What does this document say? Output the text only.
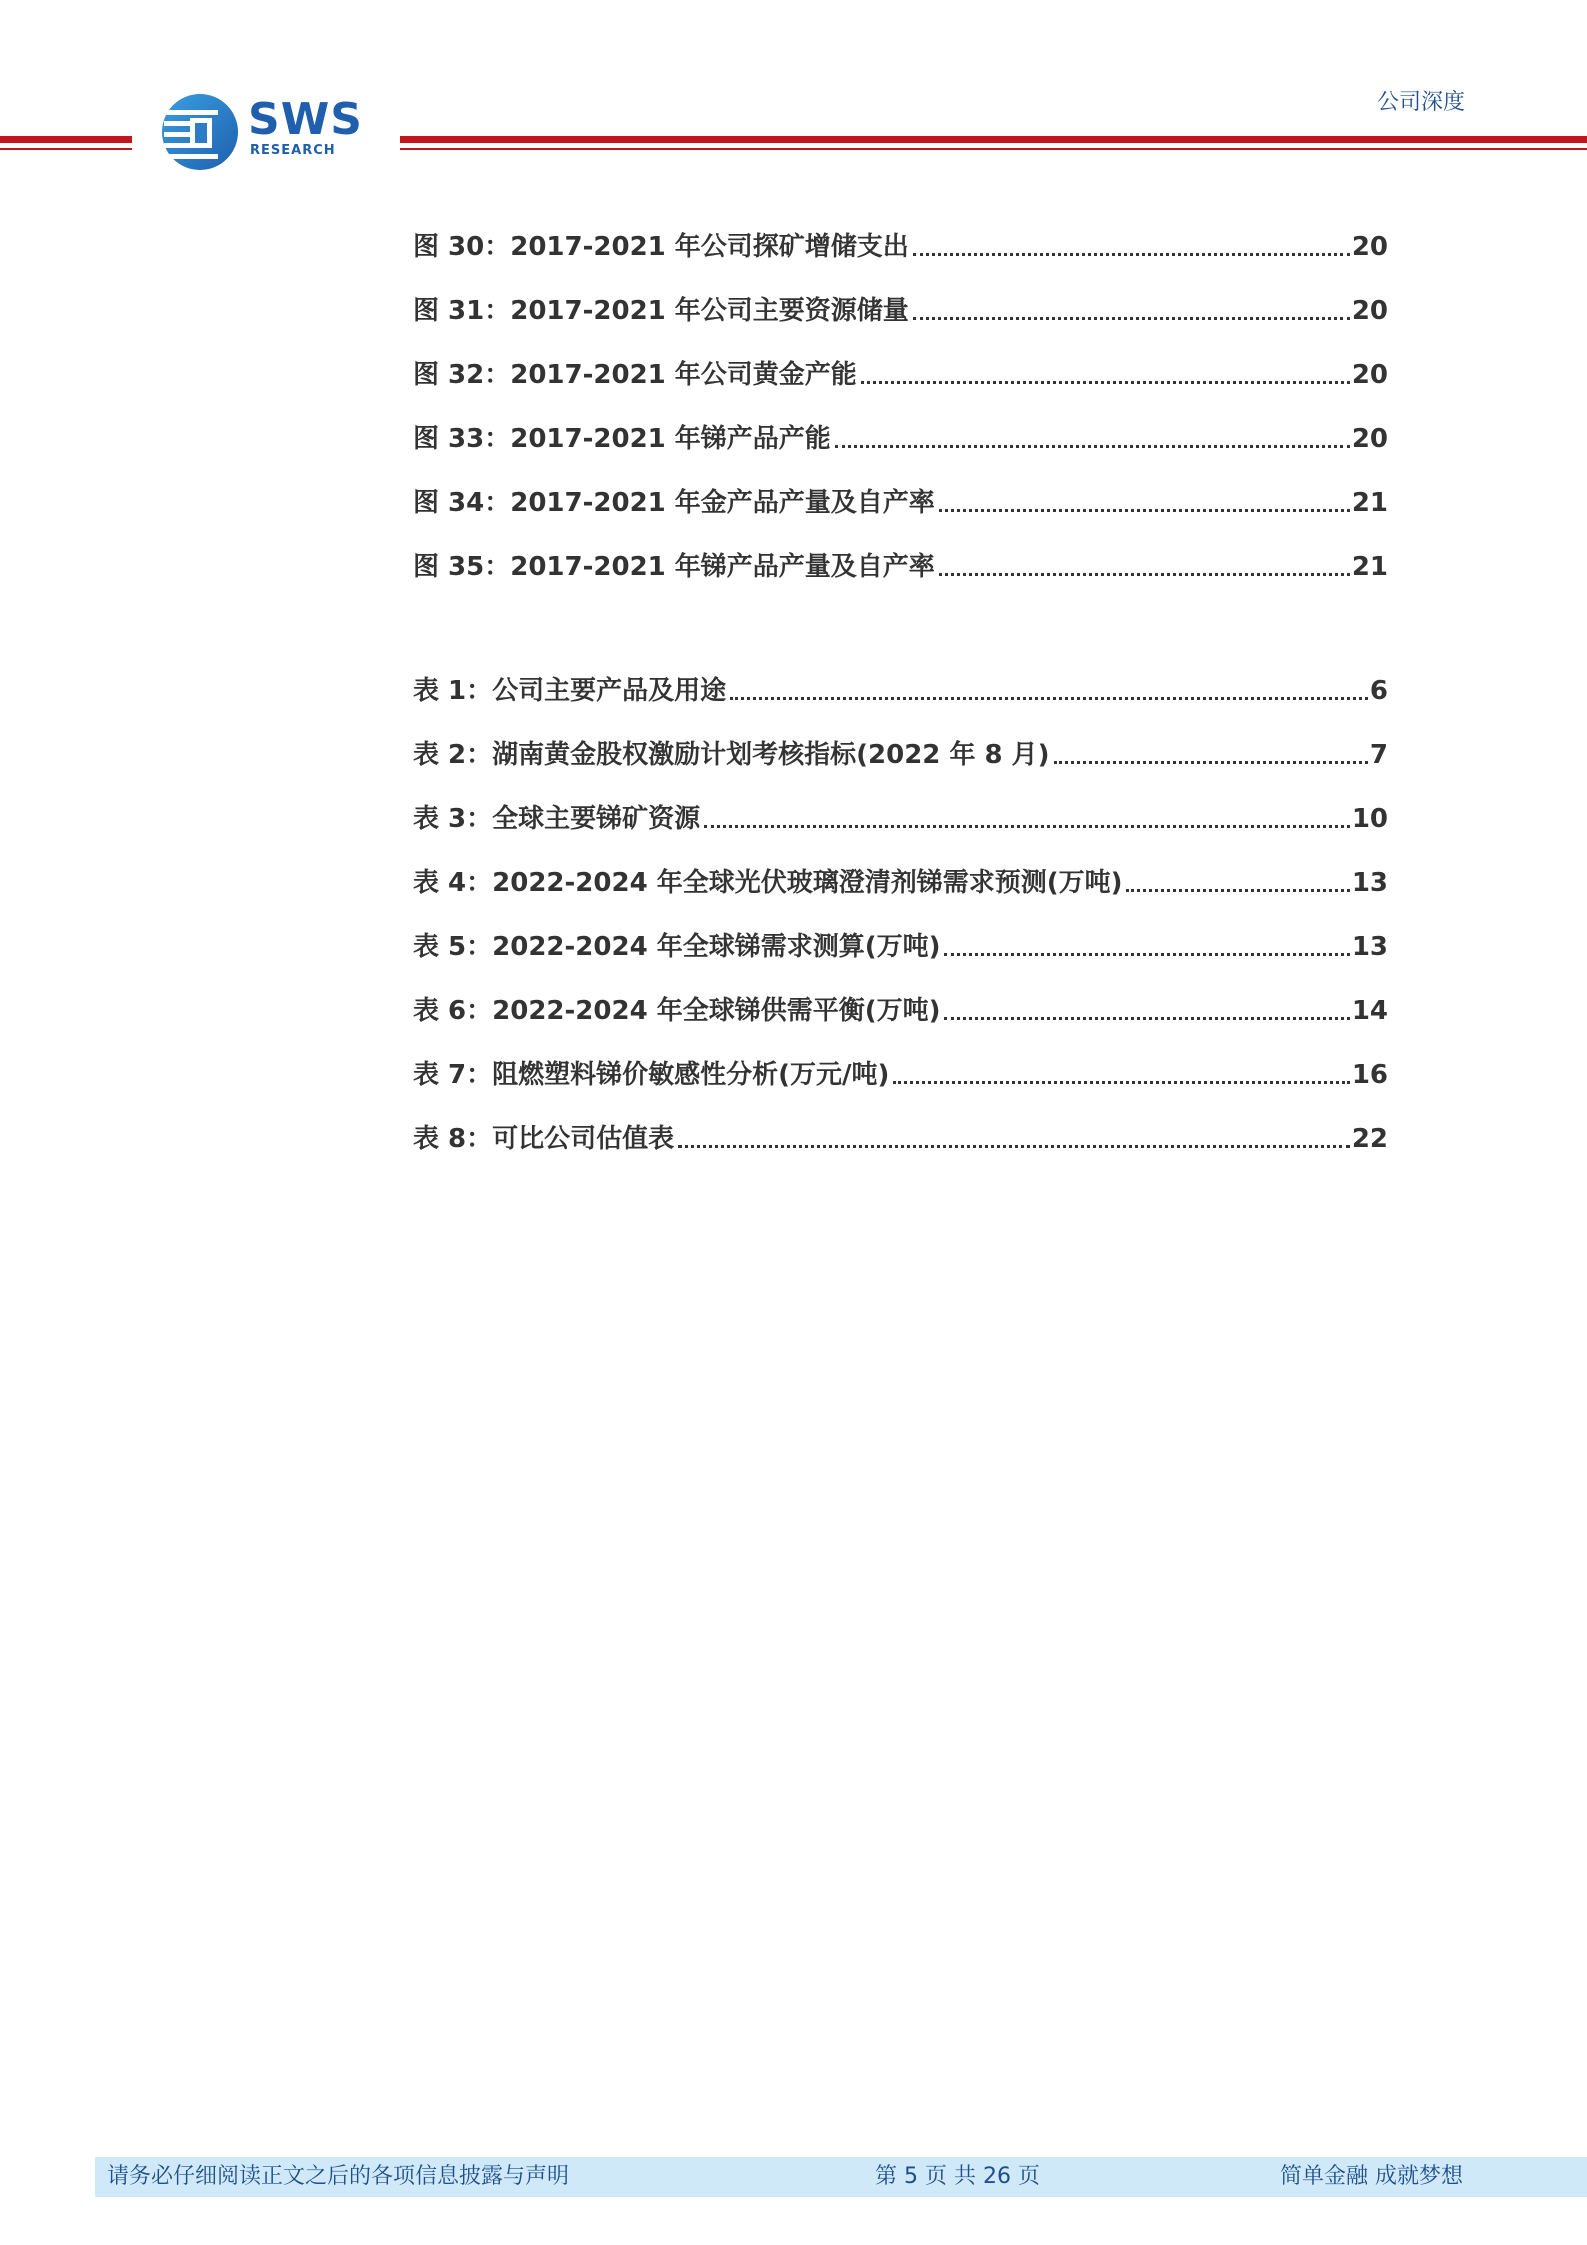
SWS
RESEARCH
公司深度
图 30：2017-2021 年公司探矿增储支出	20
图 31：2017-2021 年公司主要资源储量	20
图 32：2017-2021 年公司黄金产能	20
图 33：2017-2021 年锑产品产能	20
图 34：2017-2021 年金产品产量及自产率	21
图 35：2017-2021 年锑产品产量及自产率	21
表 1：公司主要产品及用途	6
表 2：湖南黄金股权激励计划考核指标(2022 年 8 月)	7
表 3：全球主要锑矿资源	10
表 4：2022-2024 年全球光伏玻璃澄清剂锑需求预测(万吨)	13
表 5：2022-2024 年全球锑需求测算(万吨)	13
表 6：2022-2024 年全球锑供需平衡(万吨)	14
表 7：阻燃塑料锑价敏感性分析(万元/吨)	16
表 8：可比公司估值表	22
请务必仔细阅读正文之后的各项信息披露与声明	第 5 页 共 26 页	简单金融 成就梦想
